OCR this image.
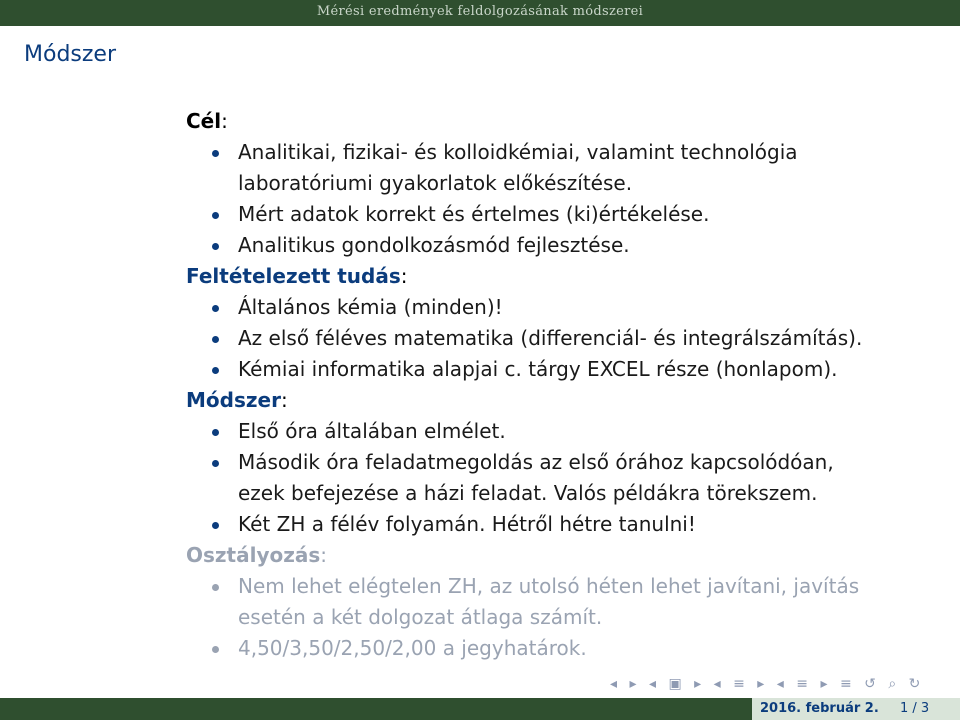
Mérési eredmények feldolgozásának módszerei
Módszer
Cél:
Analitikai, fizikai- és kolloidkémiai, valamint technológia
laboratóriumi gyakorlatok előkészítése.
Mért adatok korrekt és értelmes (ki)értékelése.
Analitikus gondolkozásmód fejlesztése.
Feltételezett tudás:
Általános kémia (minden)!
Az első féléves matematika (differenciál- és integrálszámítás).
Kémiai informatika alapjai c. tárgy EXCEL része (honlapom).
Módszer:
Első óra általában elmélet.
Második óra feladatmegoldás az első órához kapcsolódóan,
ezek befejezése a házi feladat. Valós példákra törekszem.
Két ZH a félév folyamán. Hétről hétre tanulni!
Osztályozás:
Nem lehet elégtelen ZH, az utolsó héten lehet javítani, javítás
esetén a két dolgozat átlaga számít.
4,50/3,50/2,50/2,00 a jegyhatárok.
◂ ▸ ◂ ▣ ▸ ◂ ≡ ▸ ◂ ≡ ▸ ≡ ↺ ⌕ ↻
2016. február 2. 1 / 3
